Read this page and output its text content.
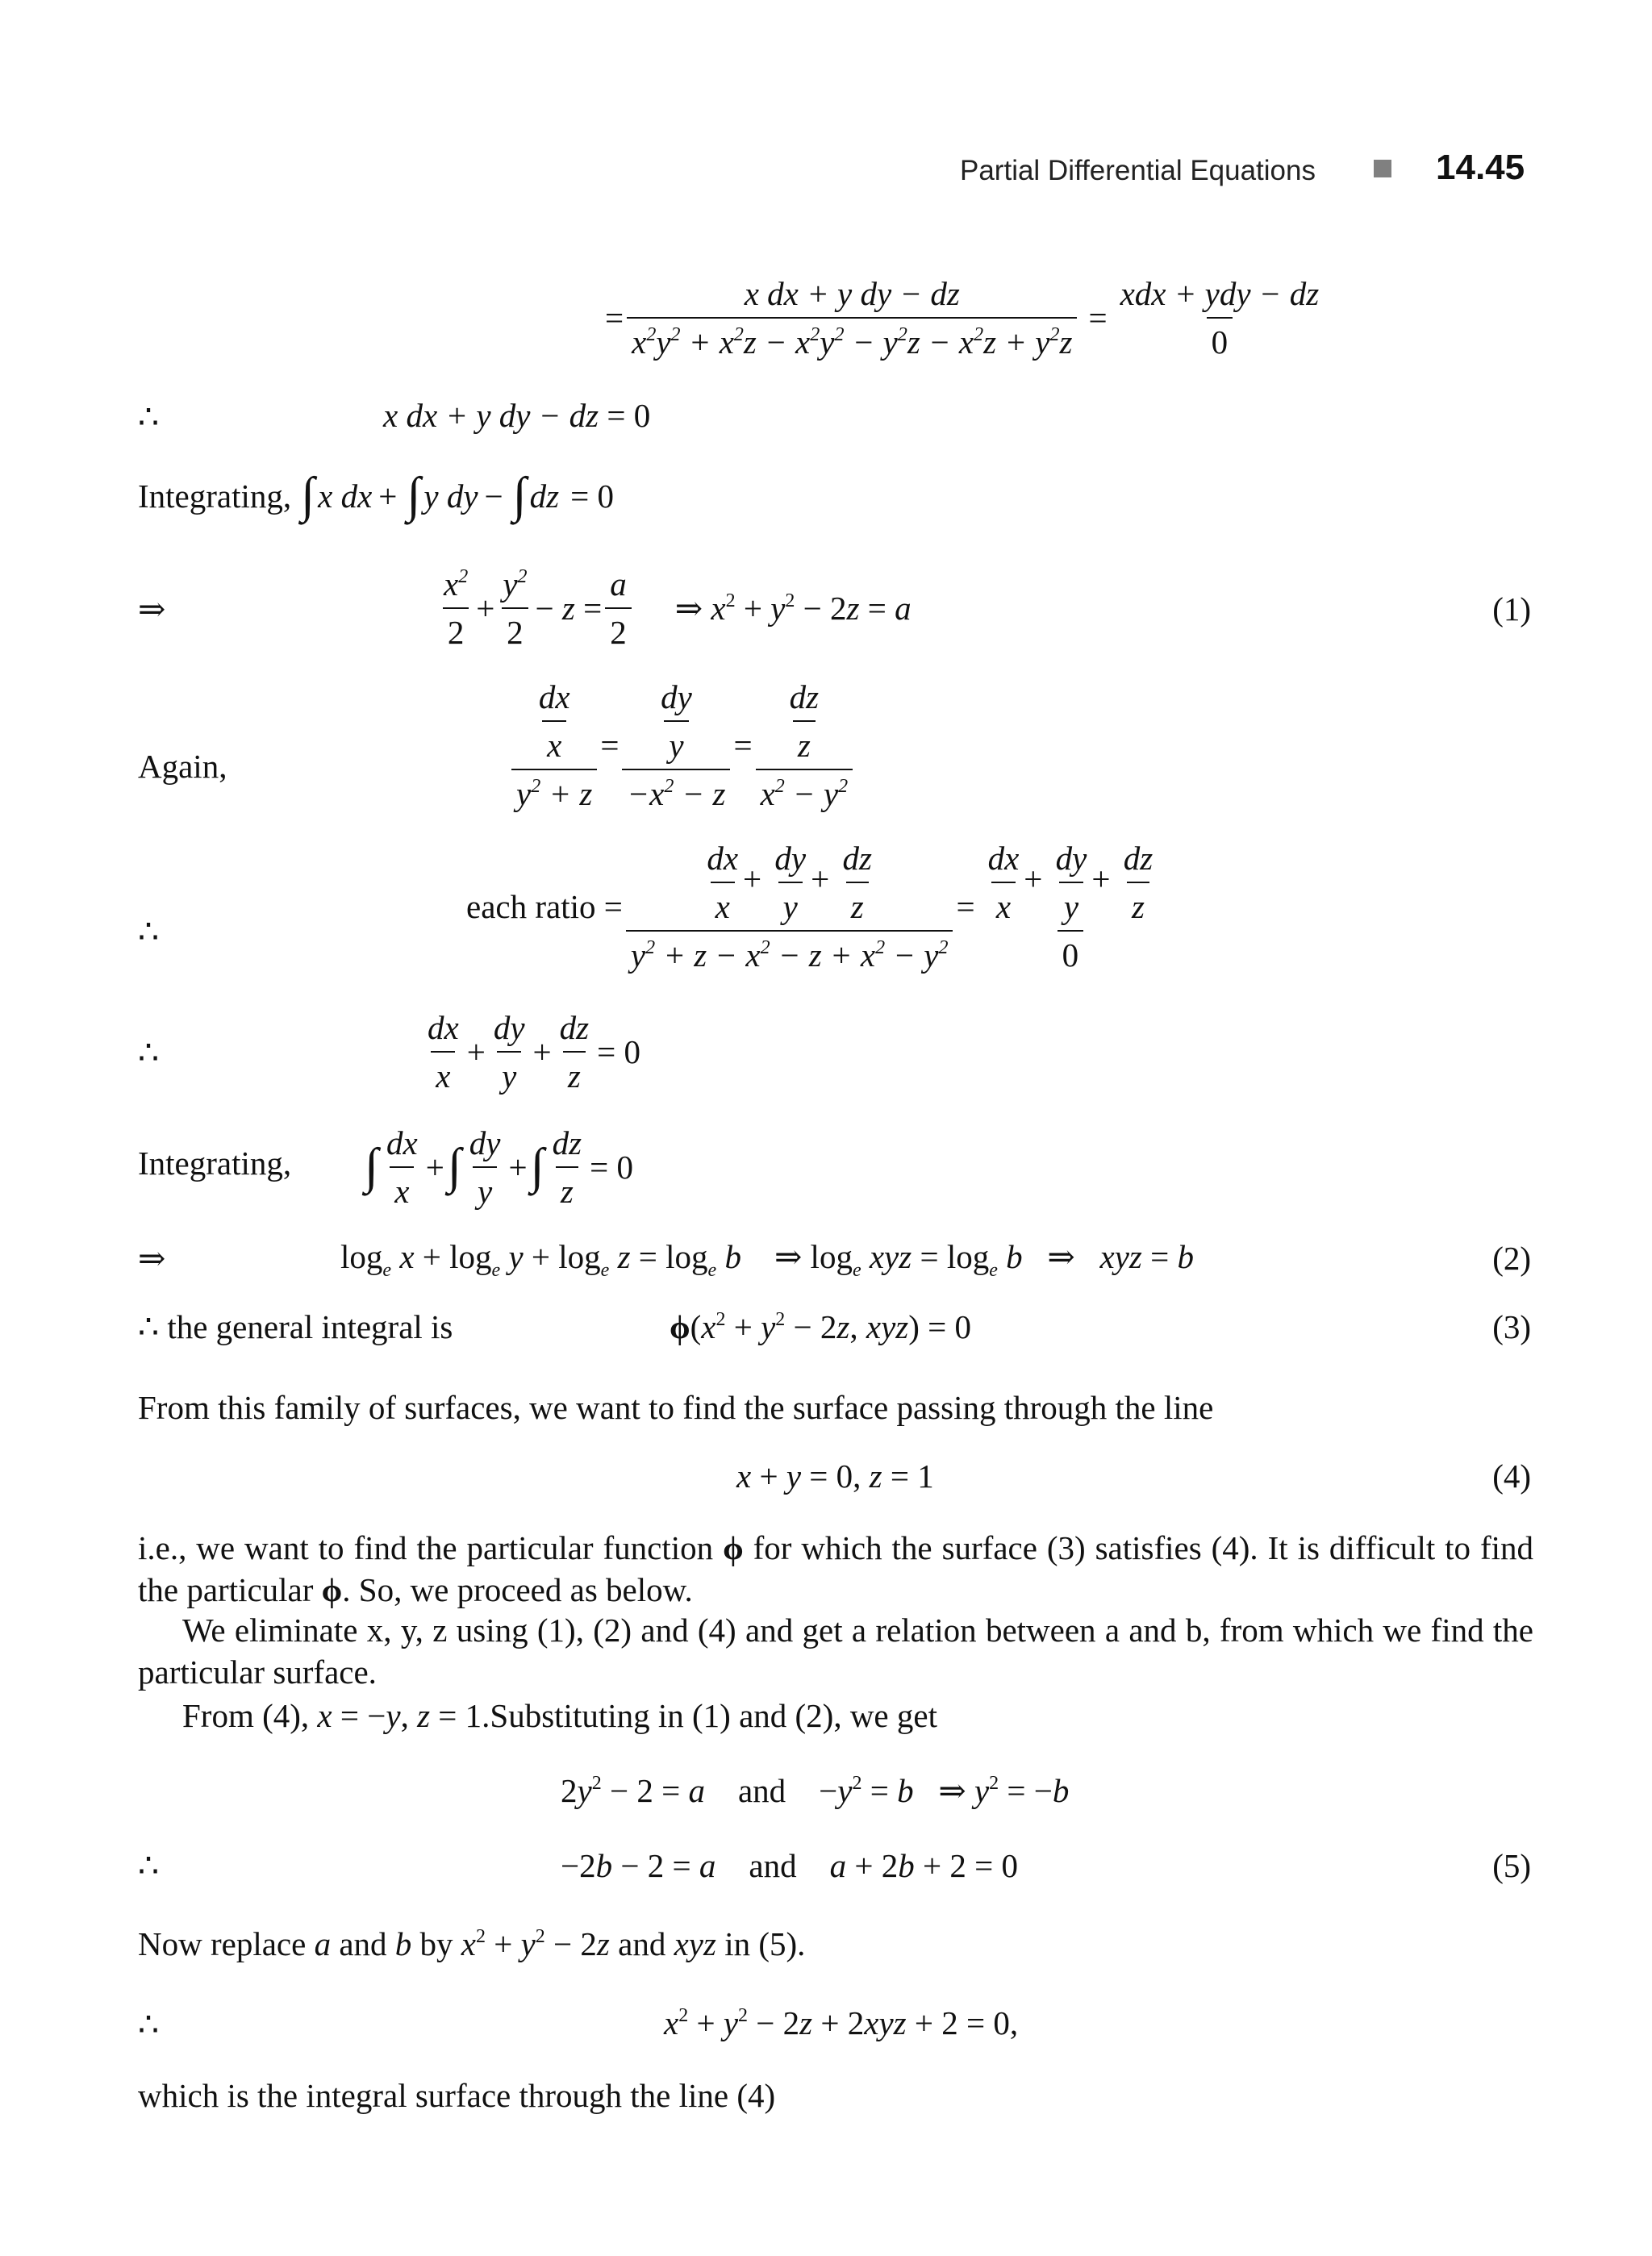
Partial Differential Equations	14.45
= $\frac{\text{x dx + y dy − dz}}{x^2y^2 + x^2z - x^2y^2 - y^2z - x^2z + y^2z} = \frac{\text{xdx + ydy − dz}}{0}$
∴	x dx + y dy − dz = 0
Integrating, ∫ x dx + ∫ y dy − ∫ dz = 0
⇒	$\frac{x^2}{2} + \frac{y^2}{2} - z = \frac{a}{2}$ ⇒ $x^2 + y^2 - 2z = a$	(1)
Again,	$\frac{\frac{dx}{x}}{y^2 + z} = \frac{\frac{dy}{y}}{-x^2 - z} = \frac{\frac{dz}{z}}{x^2 - y^2}$
∴
each ratio = $\frac{\frac{dx}{x} + \frac{dy}{y} + \frac{dz}{z}}{y^2 + z - x^2 - z + x^2 - y^2} = \frac{\frac{dx}{x} + \frac{dy}{y} + \frac{dz}{z}}{0}$
∴	$\frac{dx}{x} + \frac{dy}{y} + \frac{dz}{z} = 0$
Integrating, ∫ $\frac{dx}{x}$ + ∫ $\frac{dy}{y}$ + ∫ $\frac{dz}{z} = 0$
⇒	$\log_e x + \log_e y + \log_e z = \log_e b$    ⇒ $\log_e$ xyz = $\log_e b$   ⇒   xyz = b	(2)
∴ the general integral is	$\phi(x^2 + y^2 - 2z$, xyz) = 0	(3)
From this family of surfaces, we want to find the surface passing through the line
x + y = 0, z = 1	(4)
i.e., we want to find the particular function ϕ for which the surface (3) satisfies (4). It is difficult to find the particular ϕ. So, we proceed as below.
We eliminate x, y, z using (1), (2) and (4) and get a relation between a and b, from which we find the particular surface.
From (4), x = −y, z = 1.Substituting in (1) and (2), we get
$2y^2 - 2 = a$ and    $-y^2 = b$   ⇒ $y^2 = -b$
∴	−2b − 2 = a and a + 2b + 2 = 0	(5)
Now replace a and b by $x^2 + y^2 - 2z$ and xyz in (5).
∴	$x^2 + y^2 - 2z + 2xyz + 2 = 0$,
which is the integral surface through the line (4)
